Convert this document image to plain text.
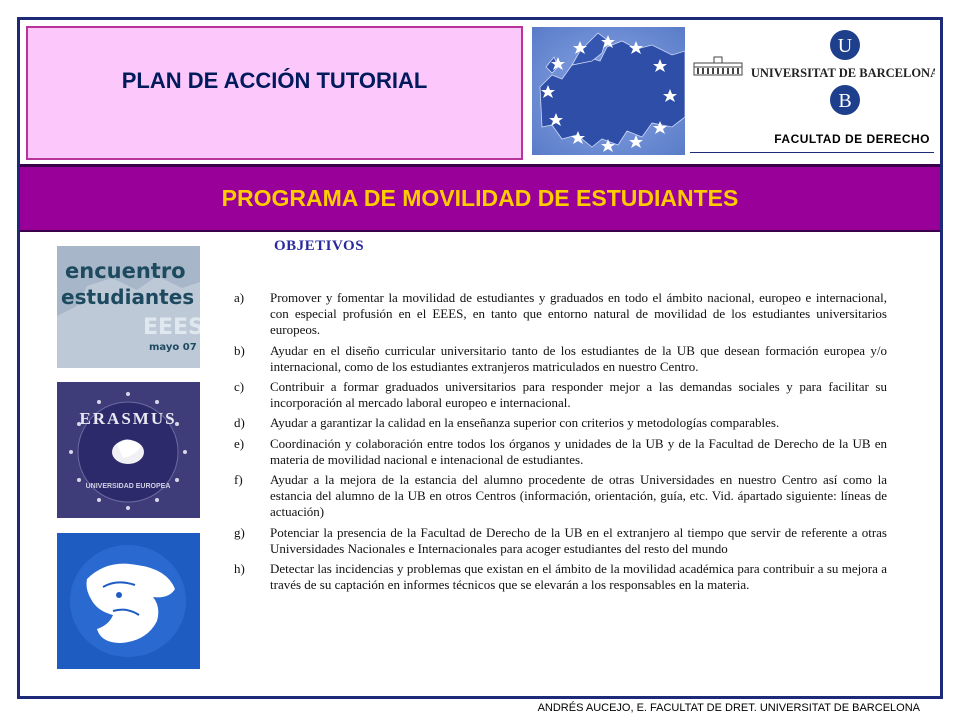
PLAN DE ACCIÓN TUTORIAL
U
B
UNIVERSITAT DE BARCELONA
FACULTAD DE DERECHO
PROGRAMA DE MOVILIDAD DE ESTUDIANTES
encuentro
estudiantes
EEES
mayo 07
ERASMUS
UNIVERSIDAD EUROPEA
OBJETIVOS
a) Promover y fomentar la movilidad de estudiantes y graduados en todo el ámbito nacional, europeo e internacional, con especial profusión en el EEES, en tanto que entorno natural de movilidad de los estudiantes universitarios europeos.
b) Ayudar en el diseño curricular universitario tanto de los estudiantes de la UB que desean formación europea y/o internacional, como de los estudiantes extranjeros matriculados en nuestro Centro.
c) Contribuir a formar graduados universitarios para responder mejor a las demandas sociales y para facilitar su incorporación al mercado laboral europeo e internacional.
d) Ayudar a garantizar la calidad en la enseñanza superior con criterios y metodologías comparables.
e) Coordinación y colaboración entre todos los órganos y unidades de la UB y de la Facultad de Derecho de la UB en materia de movilidad nacional e intenacional de estudiantes.
f) Ayudar a la mejora de la estancia del alumno procedente de otras Universidades en nuestro Centro así como la estancia del alumno de la UB en otros Centros (información, orientación, guía, etc. Vid. ápartado siguiente: líneas de actuación)
g) Potenciar la presencia de la Facultad de Derecho de la UB en el extranjero al tiempo que servir de referente a otras Universidades Nacionales e Internacionales para acoger estudiantes del resto del mundo
h) Detectar las incidencias y problemas que existan en el ámbito de la movilidad académica para contribuir a su mejora a través de su captación en informes técnicos que se elevarán a los responsables en la materia.
ANDRÉS AUCEJO, E. FACULTAT DE DRET. UNIVERSITAT DE BARCELONA
